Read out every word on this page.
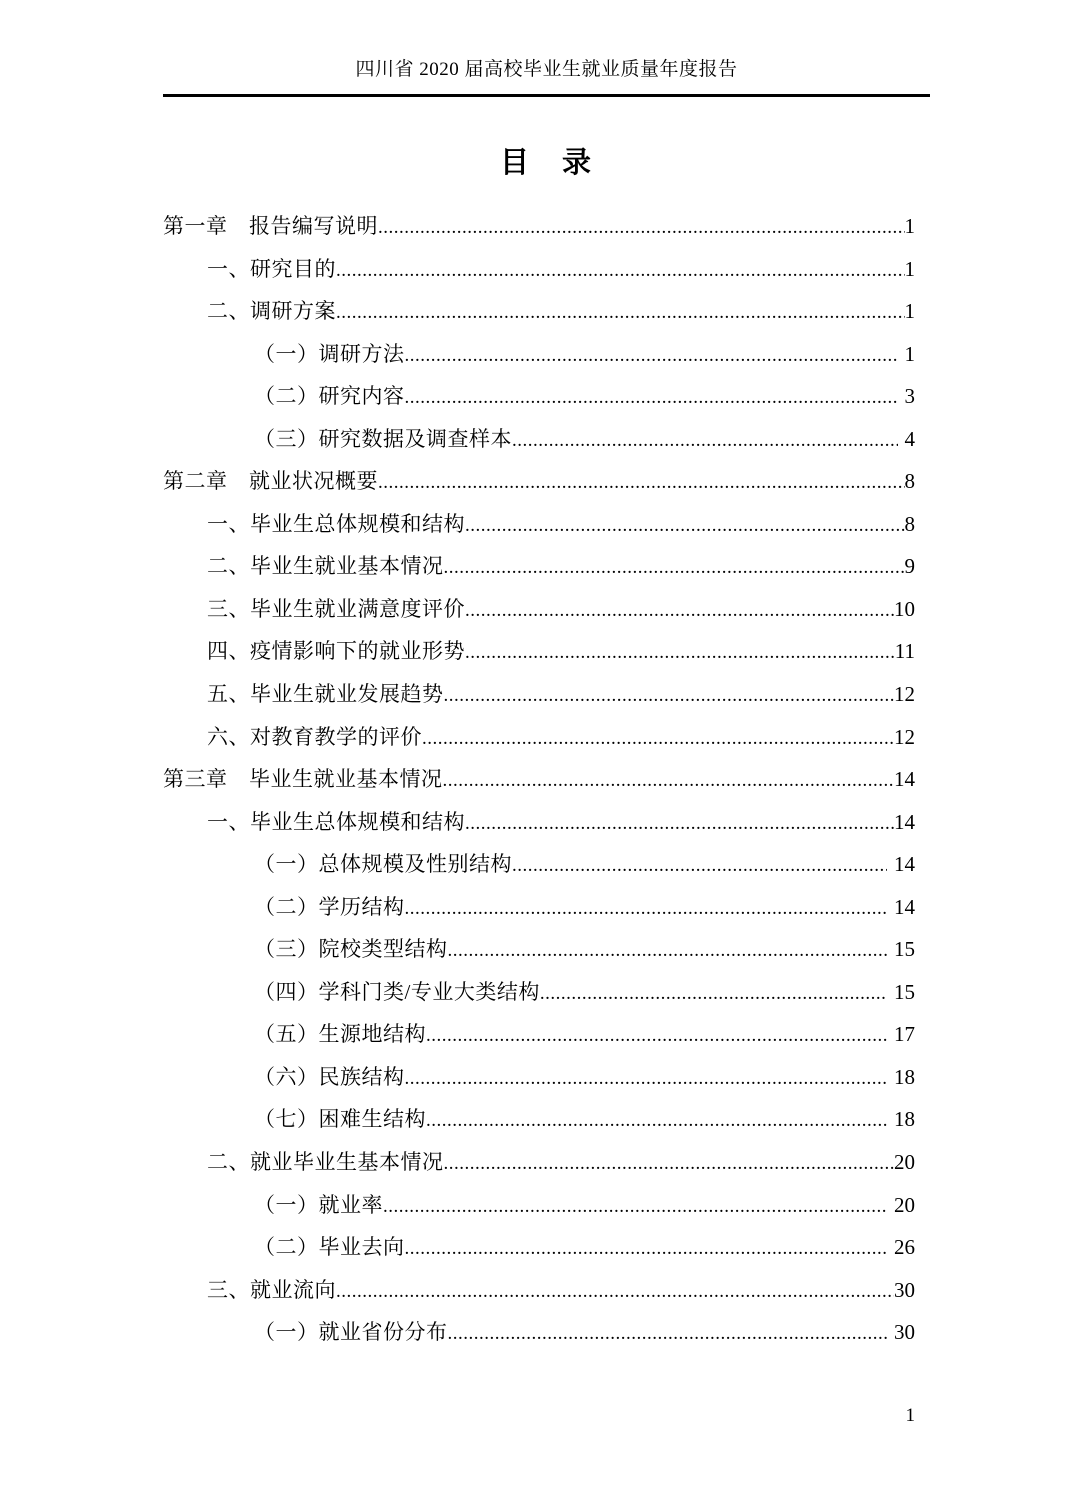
四川省 2020 届高校毕业生就业质量年度报告
目　录
第一章　报告编写说明 .....	1
一、研究目的 .....	1
二、调研方案 .....	1
（一）调研方法 .....	1
（二）研究内容 .....	3
（三）研究数据及调查样本 .....	4
第二章　就业状况概要 .....	8
一、毕业生总体规模和结构 .....	8
二、毕业生就业基本情况 .....	9
三、毕业生就业满意度评价 .....	10
四、疫情影响下的就业形势 .....	11
五、毕业生就业发展趋势 .....	12
六、对教育教学的评价 .....	12
第三章　毕业生就业基本情况 .....	14
一、毕业生总体规模和结构 .....	14
（一）总体规模及性别结构 .....	14
（二）学历结构 .....	14
（三）院校类型结构 .....	15
（四）学科门类/专业大类结构 .....	15
（五）生源地结构 .....	17
（六）民族结构 .....	18
（七）困难生结构 .....	18
二、就业毕业生基本情况 .....	20
（一）就业率 .....	20
（二）毕业去向 .....	26
三、就业流向 .....	30
（一）就业省份分布 .....	30
1
